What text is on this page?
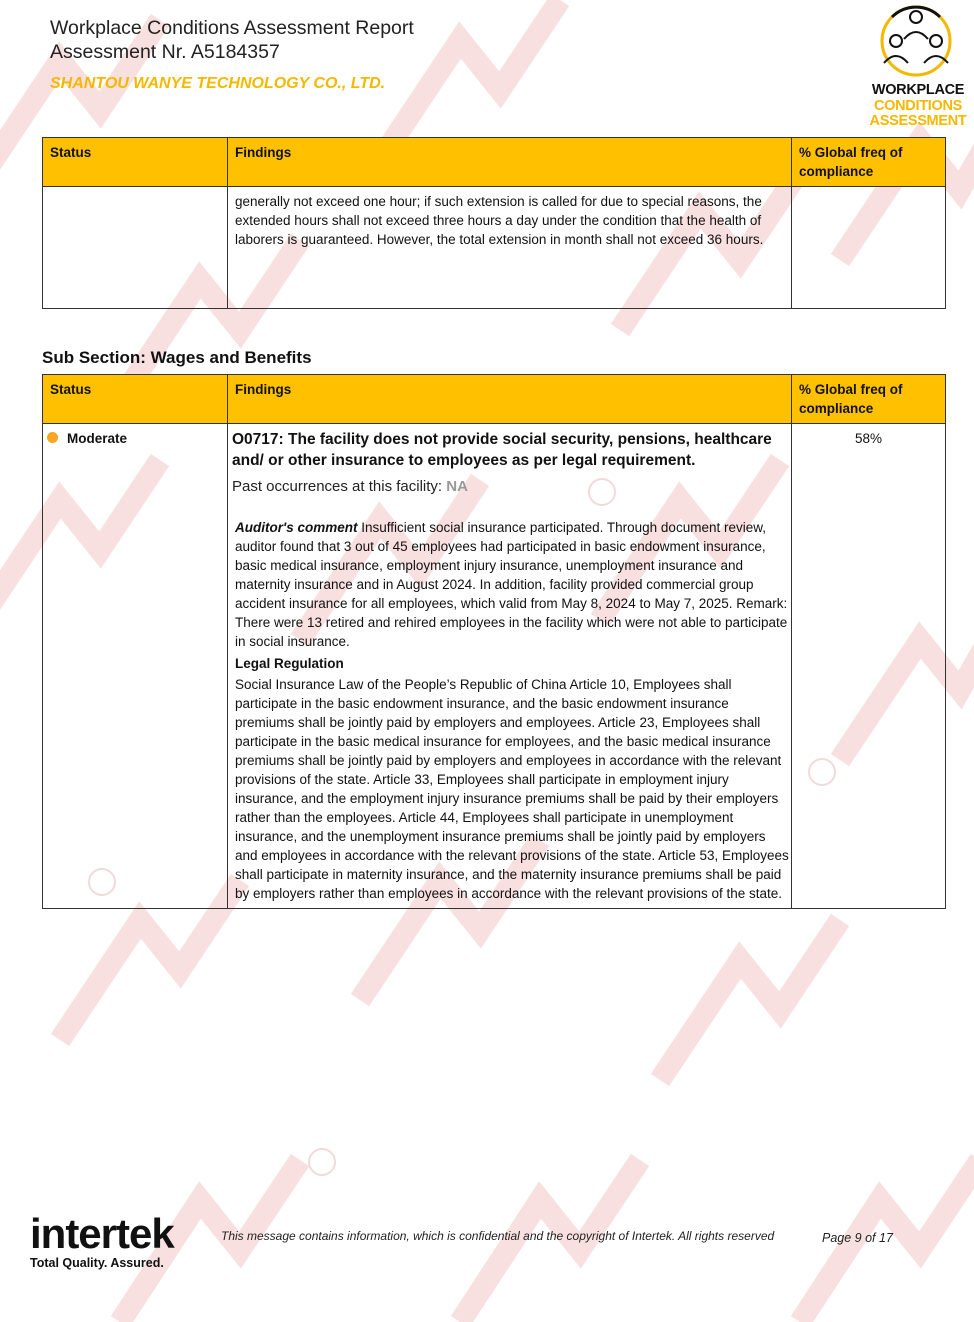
Workplace Conditions Assessment Report
Assessment Nr. A5184357
SHANTOU WANYE TECHNOLOGY CO., LTD.	WORKPLACE
CONDITIONS
ASSESSMENT
Status	Findings	% Global freq of compliance
	generally not exceed one hour; if such extension is called for due to special reasons, the extended hours shall not exceed three hours a day under the condition that the health of laborers is guaranteed. However, the total extension in month shall not exceed 36 hours.	
Sub Section: Wages and Benefits
Status	Findings	% Global freq of compliance
Moderate	O0717: The facility does not provide social security, pensions, healthcare and/ or other insurance to employees as per legal requirement.
Past occurrences at this facility: NA
Auditor's comment Insufficient social insurance participated. Through document review, auditor found that 3 out of 45 employees had participated in basic endowment insurance, basic medical insurance, employment injury insurance, unemployment insurance and maternity insurance and in August 2024. In addition, facility provided commercial group accident insurance for all employees, which valid from May 8, 2024 to May 7, 2025. Remark: There were 13 retired and rehired employees in the facility which were not able to participate in social insurance.
Legal Regulation
Social Insurance Law of the People’s Republic of China Article 10, Employees shall participate in the basic endowment insurance, and the basic endowment insurance premiums shall be jointly paid by employers and employees. Article 23, Employees shall participate in the basic medical insurance for employees, and the basic medical insurance premiums shall be jointly paid by employers and employees in accordance with the relevant provisions of the state. Article 33, Employees shall participate in employment injury insurance, and the employment injury insurance premiums shall be paid by their employers rather than the employees. Article 44, Employees shall participate in unemployment insurance, and the unemployment insurance premiums shall be jointly paid by employers and employees in accordance with the relevant provisions of the state. Article 53, Employees shall participate in maternity insurance, and the maternity insurance premiums shall be paid by employers rather than employees in accordance with the relevant provisions of the state.	58%
intertek
Total Quality. Assured.
This message contains information, which is confidential and the copyright of Intertek. All rights reserved	Page 9 of 17
